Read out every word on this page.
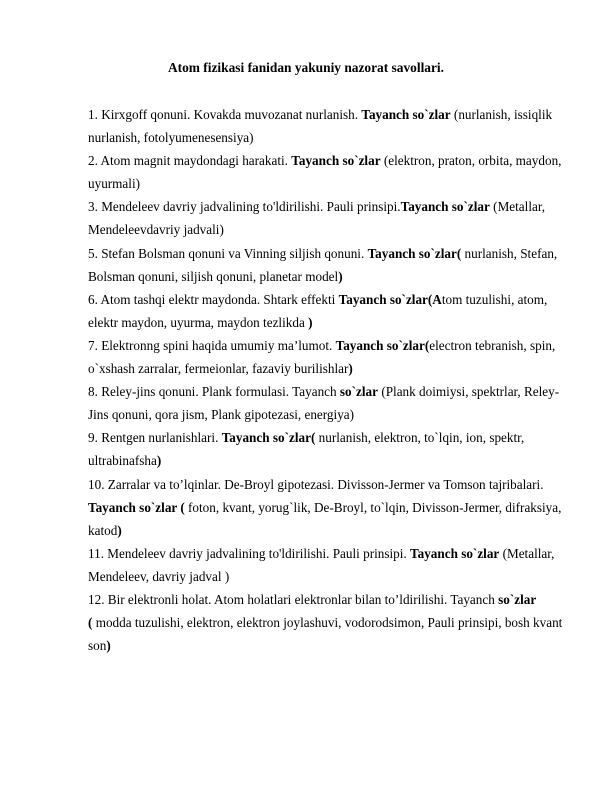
Atom fizikasi fanidan yakuniy nazorat savollari.

1. Kirxgoff qonuni. Kovakda muvozanat nurlanish. Tayanch so`zlar (nurlanish, issiqlik nurlanish, fotolyumenesensiya)

2. Atom magnit maydondagi harakati. Tayanch so`zlar (elektron, praton, orbita, maydon, uyurmali)

3. Mendeleev davriy jadvalining to'ldirilishi. Pauli prinsipi.Tayanch so`zlar (Metallar, Mendeleevdavriy jadvali)

5. Stefan Bolsman qonuni va Vinning siljish qonuni. Tayanch so`zlar( nurlanish, Stefan, Bolsman qonuni, siljish qonuni, planetar model)

6. Atom tashqi elektr maydonda. Shtark effekti Tayanch so`zlar(Atom tuzulishi, atom, elektr maydon, uyurma, maydon tezlikda )

7. Elektronng spini haqida umumiy ma’lumot. Tayanch so`zlar(electron tebranish, spin, o`xshash zarralar, fermeionlar, fazaviy burilishlar)

8. Reley-jins qonuni. Plank formulasi. Tayanch so`zlar (Plank doimiysi, spektrlar, Reley-Jins qonuni, qora jism, Plank gipotezasi, energiya)

9. Rentgen nurlanishlari. Tayanch so`zlar( nurlanish, elektron, to`lqin, ion, spektr, ultrabinafsha)

10. Zarralar va to’lqinlar. De-Broyl gipotezasi. Divisson-Jermer va Tomson tajribalari. Tayanch so`zlar ( foton, kvant, yorug`lik, De-Broyl, to`lqin, Divisson-Jermer, difraksiya, katod)

11. Mendeleev davriy jadvalining to'ldirilishi. Pauli prinsipi. Tayanch so`zlar (Metallar, Mendeleev, davriy jadval )

12. Bir elektronli holat. Atom holatlari elektronlar bilan to’ldirilishi. Tayanch so`zlar
( modda tuzulishi, elektron, elektron joylashuvi, vodorodsimon, Pauli prinsipi, bosh kvant son)
